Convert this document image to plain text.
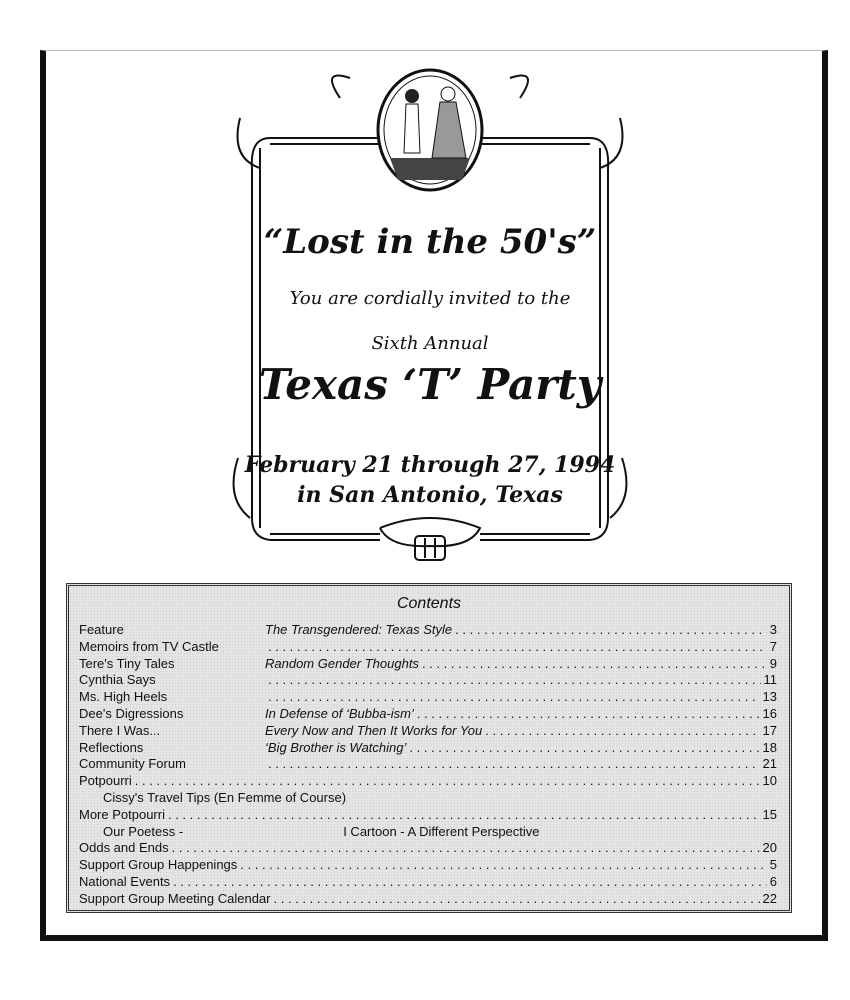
“Lost in the 50's”
You are cordially invited to the
Sixth Annual
Texas ‘T’ Party
February 21 through 27, 1994
in San Antonio, Texas
Contents
Feature	The Transgendered: Texas Style . . .	3
Memoirs from TV Castle . . .	7
Tere's Tiny Tales	Random Gender Thoughts . . .	9
Cynthia Says . . .	11
Ms. High Heels . . .	13
Dee's Digressions	In Defense of ‘Bubba-ism’ . . .	16
There I Was...	Every Now and Then It Works for You . . .	17
Reflections	‘Big Brother is Watching’ . . .	18
Community Forum . . .	21
Potpourri . . .	10
Cissy's Travel Tips (En Femme of Course)
More Potpourri . . .	15
Our Poetess -	I Cartoon - A Different Perspective
Odds and Ends . . .	20
Support Group Happenings . . .	5
National Events . . .	6
Support Group Meeting Calendar . . .	22
